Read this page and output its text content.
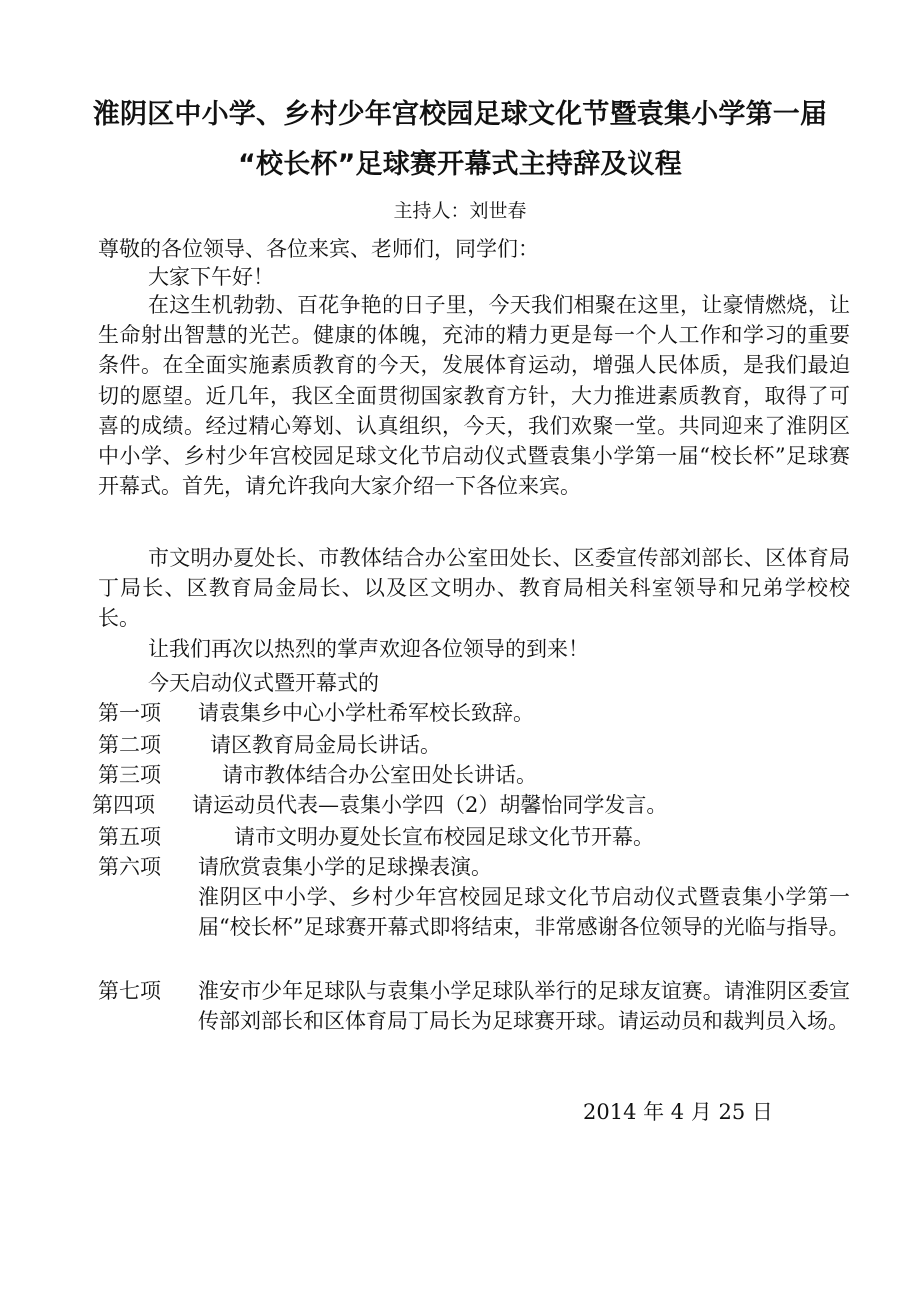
淮阴区中小学、乡村少年宫校园足球文化节暨袁集小学第一届
“校长杯”足球赛开幕式主持辞及议程
主持人：刘世春
尊敬的各位领导、各位来宾、老师们，同学们：
大家下午好！
在这生机勃勃、百花争艳的日子里，今天我们相聚在这里，让豪情燃烧，让生命射出智慧的光芒。健康的体魄，充沛的精力更是每一个人工作和学习的重要条件。在全面实施素质教育的今天，发展体育运动，增强人民体质，是我们最迫切的愿望。近几年，我区全面贯彻国家教育方针，大力推进素质教育，取得了可喜的成绩。经过精心筹划、认真组织，今天，我们欢聚一堂。共同迎来了淮阴区中小学、乡村少年宫校园足球文化节启动仪式暨袁集小学第一届“校长杯”足球赛开幕式。首先，请允许我向大家介绍一下各位来宾。
市文明办夏处长、市教体结合办公室田处长、区委宣传部刘部长、区体育局丁局长、区教育局金局长、以及区文明办、教育局相关科室领导和兄弟学校校长。
让我们再次以热烈的掌声欢迎各位领导的到来！
今天启动仪式暨开幕式的
第一项 请袁集乡中心小学杜希军校长致辞。
第二项 请区教育局金局长讲话。
第三项	请市教体结合办公室田处长讲话。
第四项 请运动员代表—袁集小学四（2）胡馨怡同学发言。
第五项	请市文明办夏处长宣布校园足球文化节开幕。
第六项 请欣赏袁集小学的足球操表演。
淮阴区中小学、乡村少年宫校园足球文化节启动仪式暨袁集小学第一届“校长杯”足球赛开幕式即将结束，非常感谢各位领导的光临与指导。
第七项 淮安市少年足球队与袁集小学足球队举行的足球友谊赛。请淮阴区委宣传部刘部长和区体育局丁局长为足球赛开球。请运动员和裁判员入场。
2014 年 4 月 25 日
